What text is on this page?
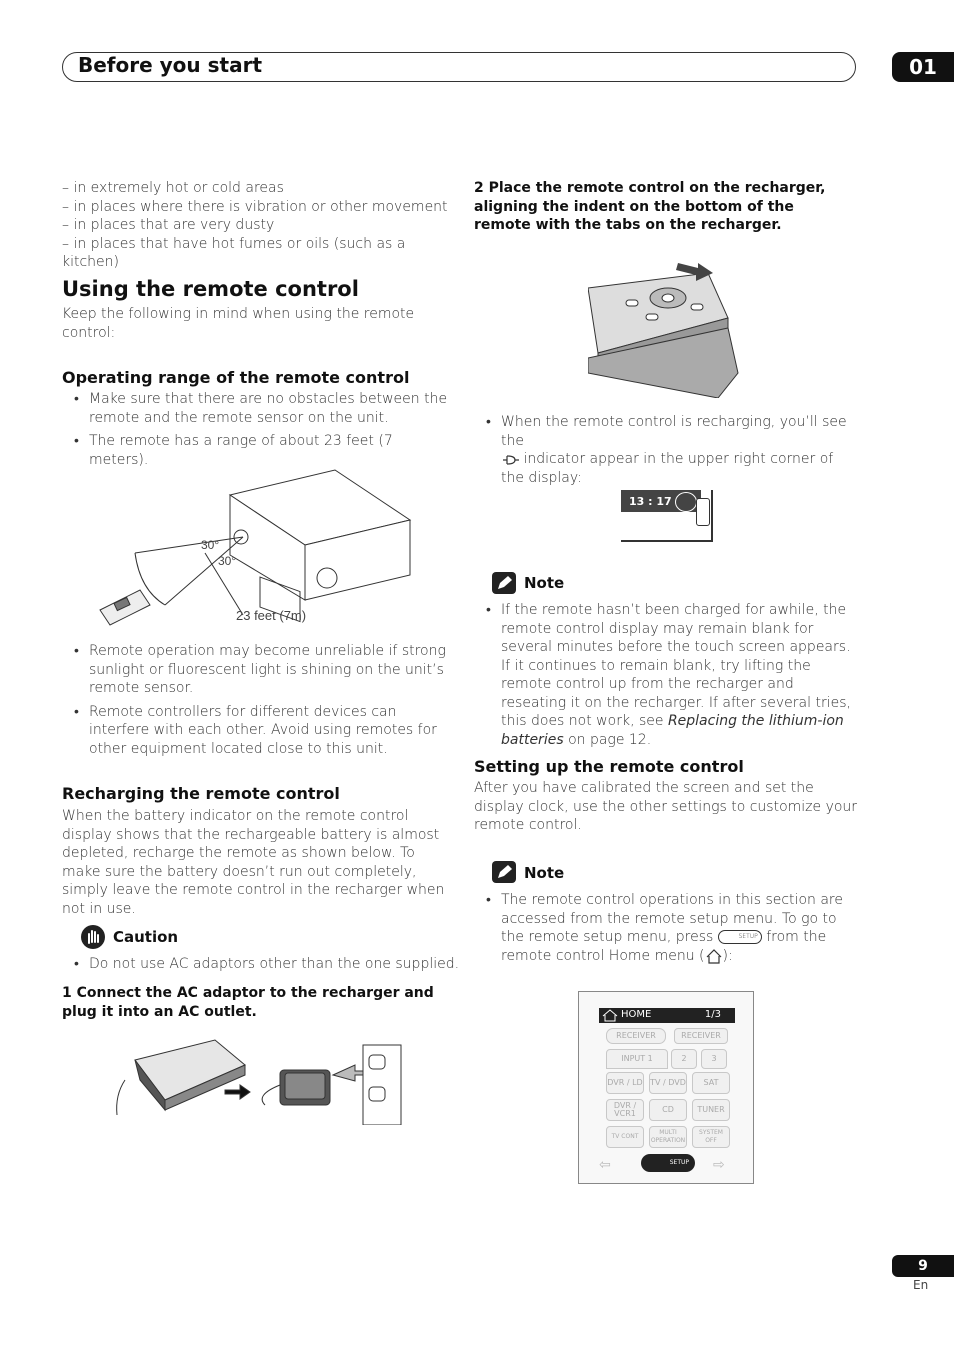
Before you start	01
– in extremely hot or cold areas
– in places where there is vibration or other movement
– in places that are very dusty
– in places that have hot fumes or oils (such as a kitchen)
Using the remote control
Keep the following in mind when using the remote control:
Operating range of the remote control
• Make sure that there are no obstacles between the remote and the remote sensor on the unit.
• The remote has a range of about 23 feet (7 meters).
30°
30°
23 feet (7m)
• Remote operation may become unreliable if strong sunlight or fluorescent light is shining on the unit’s remote sensor.
• Remote controllers for different devices can interfere with each other. Avoid using remotes for other equipment located close to this unit.
Recharging the remote control
When the battery indicator on the remote control display shows that the rechargeable battery is almost depleted, recharge the remote as shown below. To make sure the battery doesn’t run out completely, simply leave the remote control in the recharger when not in use.
Caution
• Do not use AC adaptors other than the one supplied.
1 Connect the AC adaptor to the recharger and plug it into an AC outlet.
2 Place the remote control on the recharger, aligning the indent on the bottom of the remote with the tabs on the recharger.
• When the remote control is recharging, you’ll see the
indicator appear in the upper right corner of the display:
13 : 17
Note
• If the remote hasn’t been charged for awhile, the remote control display may remain blank for several minutes before the touch screen appears. If it continues to remain blank, try lifting the remote control up from the recharger and reseating it on the recharger. If after several tries, this does not work, see Replacing the lithium-ion batteries on page 12.
Setting up the remote control
After you have calibrated the screen and set the display clock, use the other settings to customize your remote control.
Note
• The remote control operations in this section are accessed from the remote setup menu. To go to the remote setup menu, press	SETUP from the remote control Home menu ( ):
HOME	1/3
RECEIVER	RECEIVER
INPUT 1	2	3
DVR / LD TV / DVD	SAT
DVR / VCR1	CD	TUNER
TV CONT
MULTI OPERATION
SYSTEM OFF
⇦	SETUP	⇨
9
En
